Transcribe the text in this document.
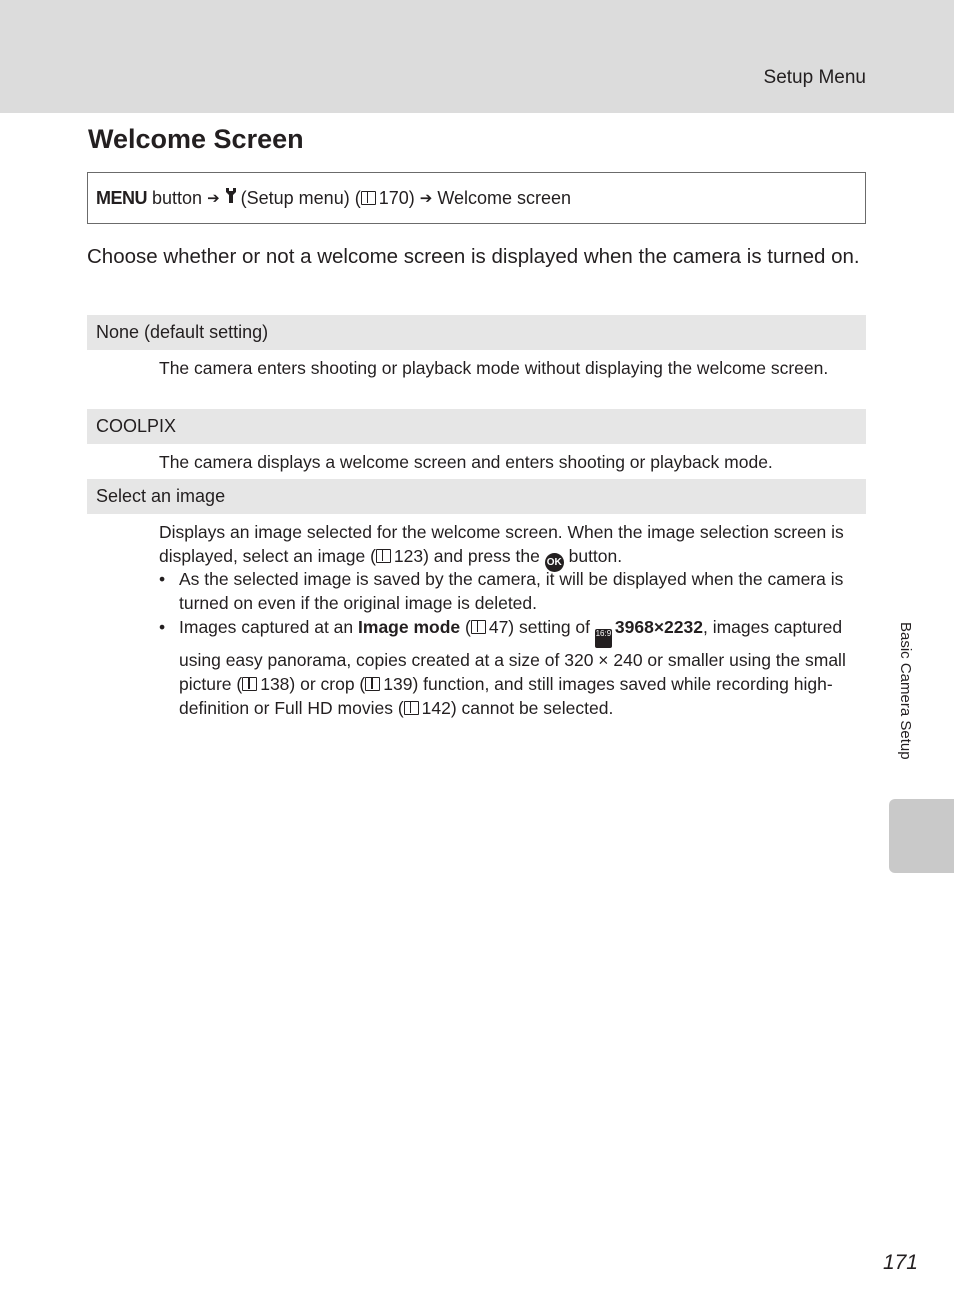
Setup Menu
Welcome Screen
MENU
button ➔ (Setup menu) ( 170) ➔ Welcome screen

Choose whether or not a welcome screen is displayed when the camera is turned on.

None (default setting)

The camera enters shooting or playback mode without displaying the welcome screen.

COOLPIX

The camera displays a welcome screen and enters shooting or playback mode.

Select an image

Displays an image selected for the welcome screen. When the image selection screen is displayed, select an image ( 123) and press the OK button.

• As the selected image is saved by the camera, it will be displayed when the camera is turned on even if the original image is deleted.
• Images captured at an Image mode ( 47) setting of 16:9 3968×2232, images captured using easy panorama, copies created at a size of 320 × 240 or smaller using the small picture ( 138) or crop ( 139) function, and still images saved while recording high-definition or Full HD movies ( 142) cannot be selected.	Basic Camera Setup
171
